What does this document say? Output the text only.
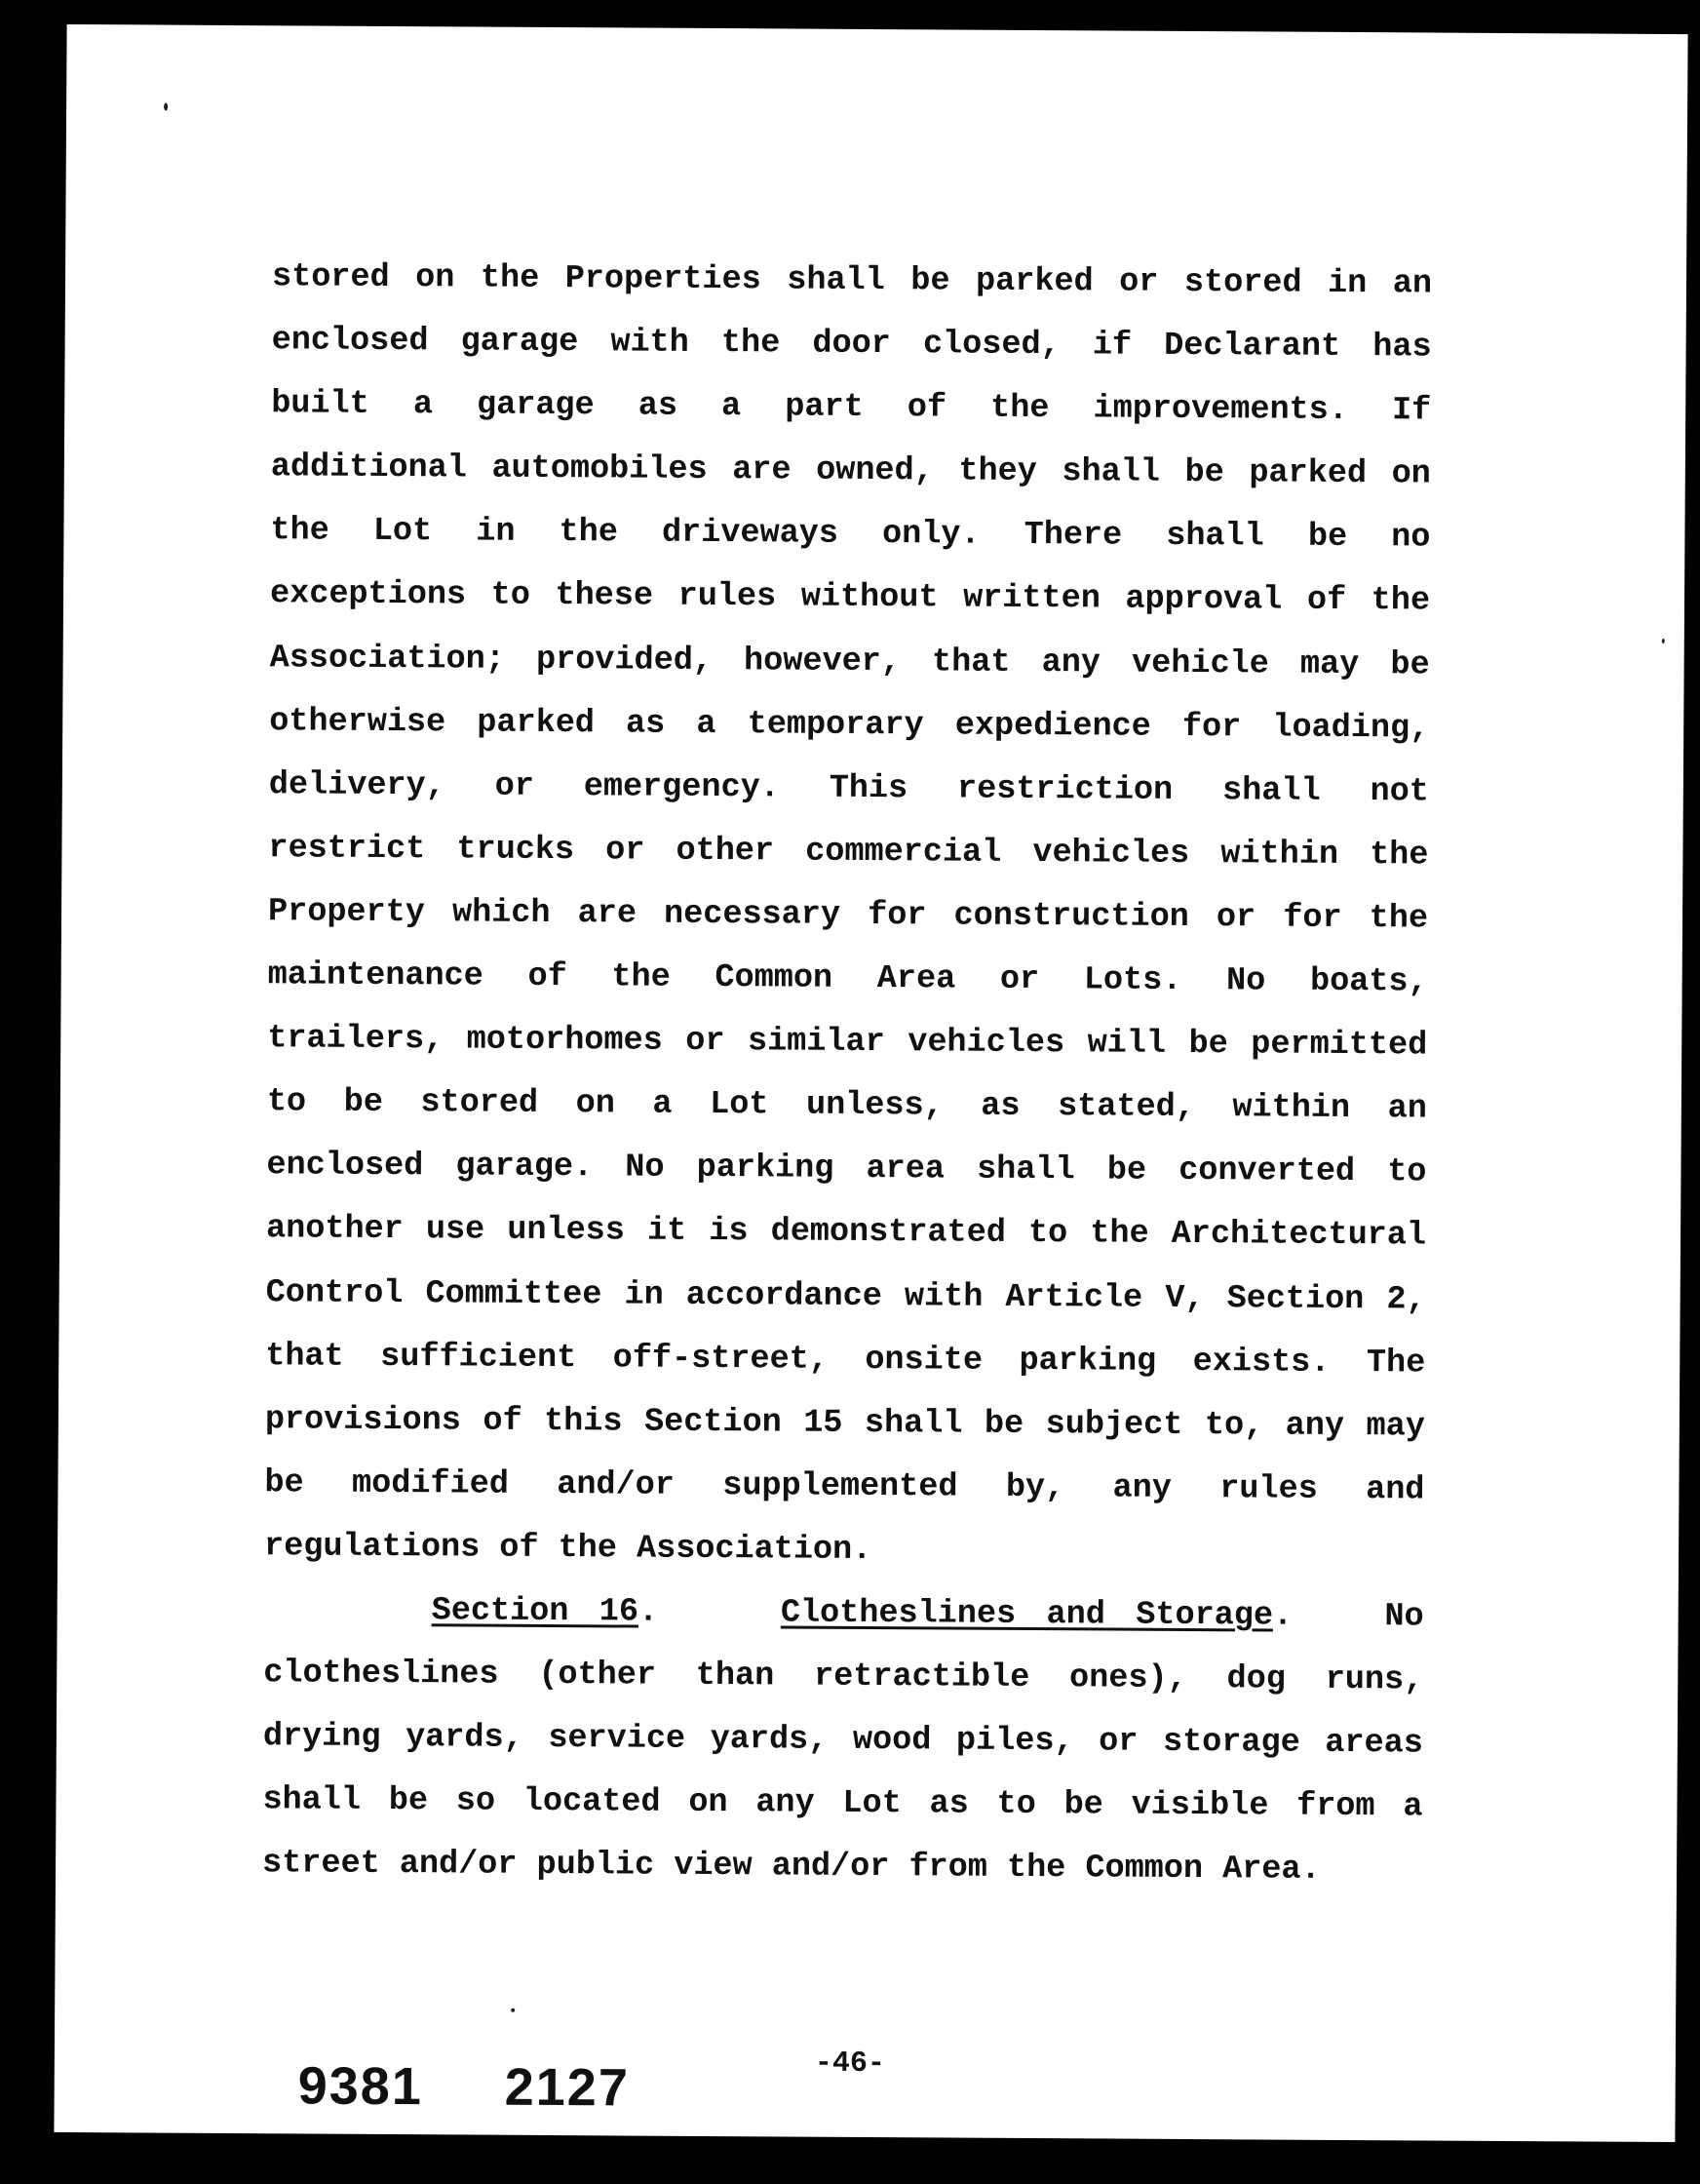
stored on the Properties shall be parked or stored in an
enclosed garage with the door closed, if Declarant has
built a garage as a part of the improvements. If
additional automobiles are owned, they shall be parked on
the Lot in the driveways only. There shall be no
exceptions to these rules without written approval of the
Association; provided, however, that any vehicle may be
otherwise parked as a temporary expedience for loading,
delivery, or emergency. This restriction shall not
restrict trucks or other commercial vehicles within the
Property which are necessary for construction or for the
maintenance of the Common Area or Lots. No boats,
trailers, motorhomes or similar vehicles will be permitted
to be stored on a Lot unless, as stated, within an
enclosed garage. No parking area shall be converted to
another use unless it is demonstrated to the Architectural
Control Committee in accordance with Article V, Section 2,
that sufficient off-street, onsite parking exists. The
provisions of this Section 15 shall be subject to, any may
be modified and/or supplemented by, any rules and
regulations of the Association.
Section 16.    Clotheslines and Storage.   No
clotheslines (other than retractible ones), dog runs,
drying yards, service yards, wood piles, or storage areas
shall be so located on any Lot as to be visible from a
street and/or public view and/or from the Common Area.
-46-
9381 2127
